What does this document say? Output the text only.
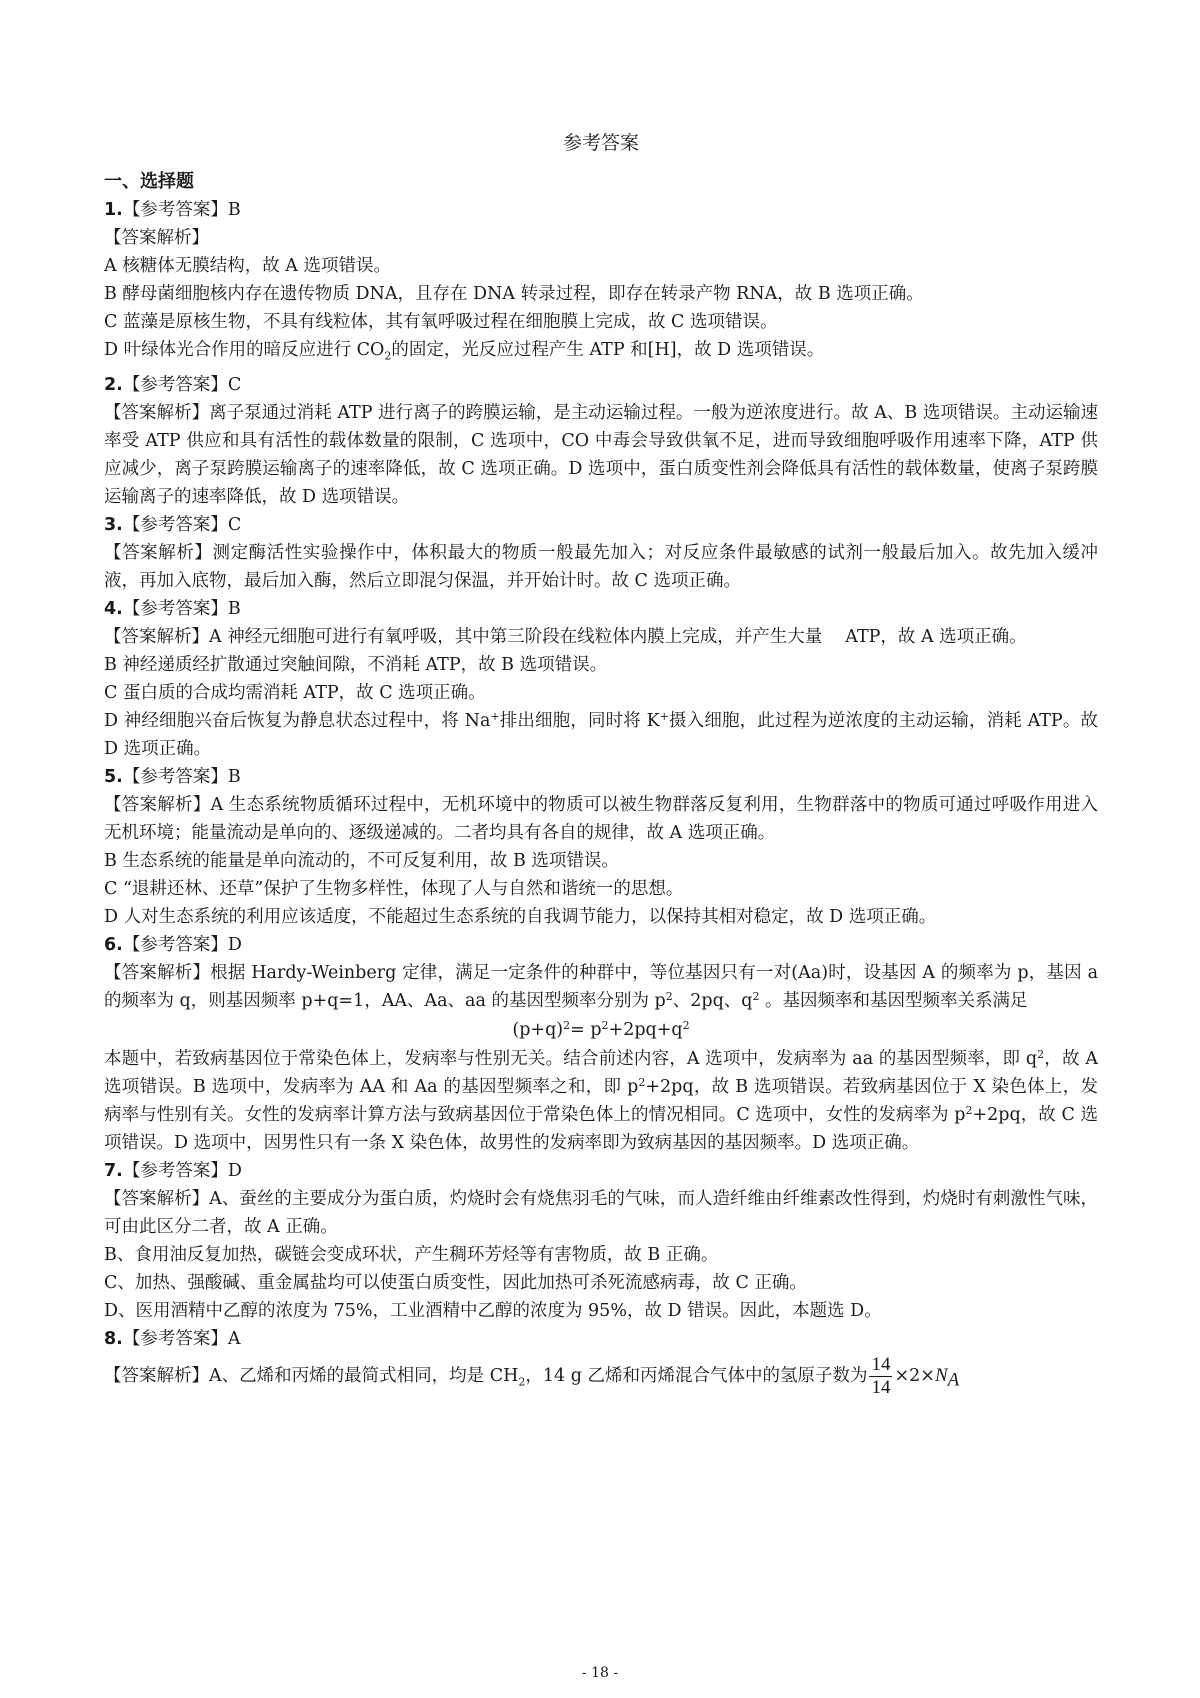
参考答案

一、选择题

1.【参考答案】B

【答案解析】

A 核糖体无膜结构，故 A 选项错误。

B 酵母菌细胞核内存在遗传物质 DNA，且存在 DNA 转录过程，即存在转录产物 RNA，故 B 选项正确。

C 蓝藻是原核生物，不具有线粒体，其有氧呼吸过程在细胞膜上完成，故 C 选项错误。

D 叶绿体光合作用的暗反应进行 $CO_2$的固定，光反应过程产生 ATP 和[H]，故 D 选项错误。

2.【参考答案】C

【答案解析】离子泵通过消耗 ATP 进行离子的跨膜运输，是主动运输过程。一般为逆浓度进行。故 A、B 选项错误。主动运输速率受 ATP 供应和具有活性的载体数量的限制，C 选项中，CO 中毒会导致供氧不足，进而导致细胞呼吸作用速率下降，ATP 供应减少，离子泵跨膜运输离子的速率降低，故 C 选项正确。D 选项中，蛋白质变性剂会降低具有活性的载体数量，使离子泵跨膜运输离子的速率降低，故 D 选项错误。

3.【参考答案】C

【答案解析】测定酶活性实验操作中，体积最大的物质一般最先加入；对反应条件最敏感的试剂一般最后加入。故先加入缓冲液，再加入底物，最后加入酶，然后立即混匀保温，并开始计时。故 C 选项正确。

4.【参考答案】B

【答案解析】A 神经元细胞可进行有氧呼吸，其中第三阶段在线粒体内膜上完成，并产生大量　 ATP，故 A 选项正确。

B 神经递质经扩散通过突触间隙，不消耗 ATP，故 B 选项错误。

C 蛋白质的合成均需消耗 ATP，故 C 选项正确。

D 神经细胞兴奋后恢复为静息状态过程中，将 Na+排出细胞，同时将 K+摄入细胞，此过程为逆浓度的主动运输，消耗 ATP。故 D 选项正确。

5.【参考答案】B

【答案解析】A 生态系统物质循环过程中，无机环境中的物质可以被生物群落反复利用，生物群落中的物质可通过呼吸作用进入无机环境；能量流动是单向的、逐级递减的。二者均具有各自的规律，故 A 选项正确。

B 生态系统的能量是单向流动的，不可反复利用，故 B 选项错误。

C “退耕还林、还草”保护了生物多样性，体现了人与自然和谐统一的思想。

D 人对生态系统的利用应该适度，不能超过生态系统的自我调节能力，以保持其相对稳定，故 D 选项正确。

6.【参考答案】D

【答案解析】根据 Hardy-Weinberg 定律，满足一定条件的种群中，等位基因只有一对(Aa)时，设基因 A 的频率为 p，基因 a 的频率为 q，则基因频率 p+q=1，AA、Aa、aa 的基因型频率分别为 $p^2$、2pq、$q^2$ 。基因频率和基因型频率关系满足

$(p+q)^2= p^2+2pq+q^2$

本题中，若致病基因位于常染色体上，发病率与性别无关。结合前述内容，A 选项中，发病率为 aa 的基因型频率，即 $q^2$，故 A 选项错误。B 选项中，发病率为 AA 和 Aa 的基因型频率之和，即 $p^2+2pq$，故 B 选项错误。若致病基因位于 X 染色体上，发病率与性别有关。女性的发病率计算方法与致病基因位于常染色体上的情况相同。C 选项中，女性的发病率为 $p^2+2pq$，故 C 选项错误。D 选项中，因男性只有一条 X 染色体，故男性的发病率即为致病基因的基因频率。D 选项正确。

7.【参考答案】D

【答案解析】A、蚕丝的主要成分为蛋白质，灼烧时会有烧焦羽毛的气味，而人造纤维由纤维素改性得到，灼烧时有刺激性气味，可由此区分二者，故 A 正确。

B、食用油反复加热，碳链会变成环状，产生稠环芳烃等有害物质，故 B 正确。

C、加热、强酸碱、重金属盐均可以使蛋白质变性，因此加热可杀死流感病毒，故 C 正确。

D、医用酒精中乙醇的浓度为 75%，工业酒精中乙醇的浓度为 95%，故 D 错误。因此，本题选 D。

8.【参考答案】A

【答案解析】A、乙烯和丙烯的最简式相同，均是 $CH_2$，14 g 乙烯和丙烯混合气体中的氢原子数为 $\frac{14}{14} \times 2\times N_A$

- 18 -
